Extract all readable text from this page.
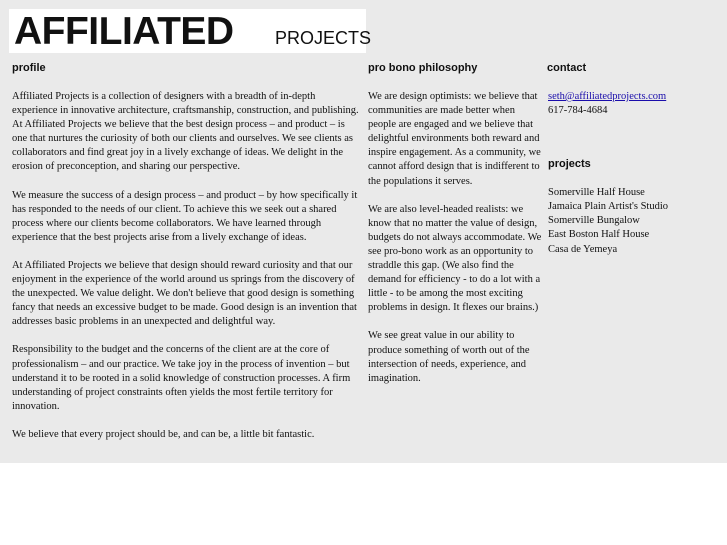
AFFILIATED PROJECTS
profile

Affiliated Projects is a collection of designers with a breadth of in-depth experience in innovative architecture, craftsmanship, construction, and publishing. At Affiliated Projects we believe that the best design process – and product – is one that nurtures the curiosity of both our clients and ourselves. We see clients as collaborators and find great joy in a lively exchange of ideas. We delight in the erosion of preconception, and sharing our perspective.

We measure the success of a design process – and product – by how specifically it has responded to the needs of our client. To achieve this we seek out a shared process where our clients become collaborators. We have learned through experience that the best projects arise from a lively exchange of ideas.

At Affiliated Projects we believe that design should reward curiosity and that our enjoyment in the experience of the world around us springs from the discovery of the unexpected. We value delight. We don't believe that good design is something fancy that needs an excessive budget to be made. Good design is an invention that addresses basic problems in an unexpected and delightful way.

Responsibility to the budget and the concerns of the client are at the core of professionalism – and our practice. We take joy in the process of invention – but understand it to be rooted in a solid knowledge of construction processes. A firm understanding of project constraints often yields the most fertile territory for innovation.

We believe that every project should be, and can be, a little bit fantastic.

pro bono philosophy

We are design optimists: we believe that communities are made better when people are engaged and we believe that delightful environments both reward and inspire engagement. As a community, we cannot afford design that is indifferent to the populations it serves.

We are also level-headed realists: we know that no matter the value of design, budgets do not always accommodate. We see pro-bono work as an opportunity to straddle this gap. (We also find the demand for efficiency - to do a lot with a little - to be among the most exciting problems in design. It flexes our brains.)

We see great value in our ability to produce something of worth out of the intersection of needs, experience, and imagination.

contact
seth@affiliatedprojects.com
617-784-4684
projects
Somerville Half House
Jamaica Plain Artist's Studio
Somerville Bungalow
East Boston Half House
Casa de Yemeya
